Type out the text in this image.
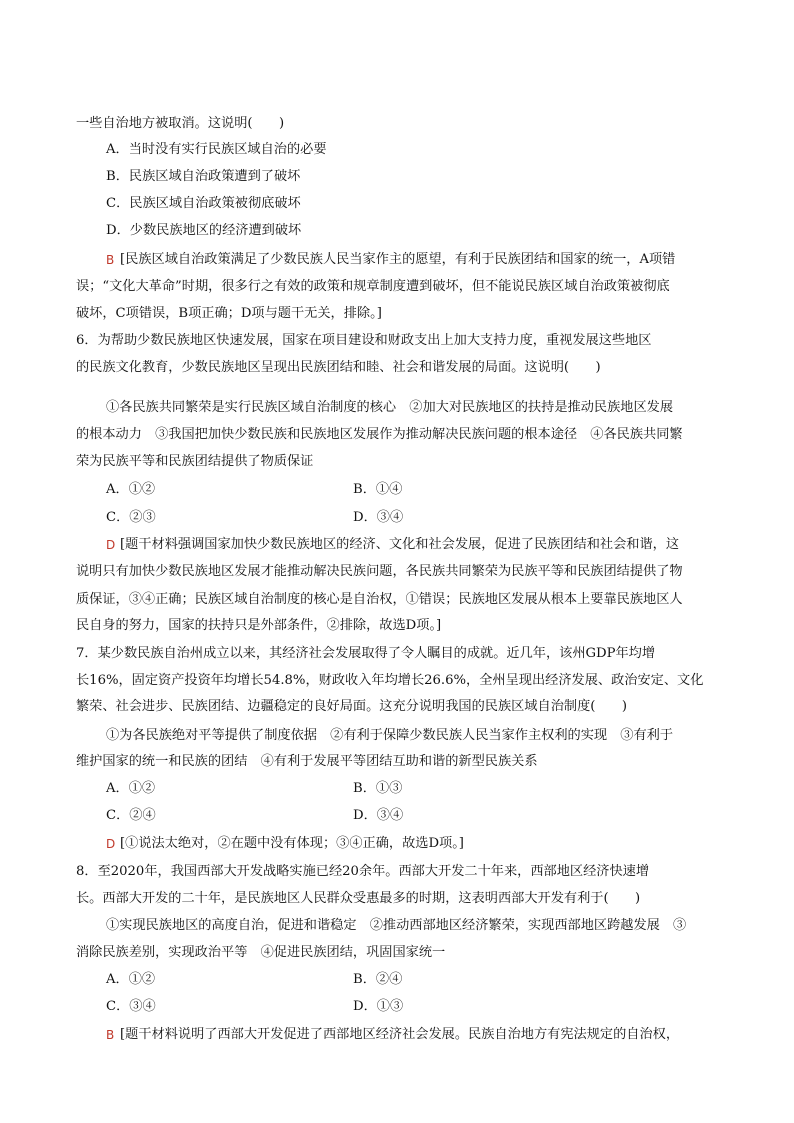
一些自治地方被取消。这说明(　　)
A．当时没有实行民族区域自治的必要
B．民族区域自治政策遭到了破坏
C．民族区域自治政策被彻底破坏
D．少数民族地区的经济遭到破坏
B [民族区域自治政策满足了少数民族人民当家作主的愿望，有利于民族团结和国家的统一，A项错
误；“文化大革命”时期，很多行之有效的政策和规章制度遭到破坏，但不能说民族区域自治政策被彻底
破坏，C项错误，B项正确；D项与题干无关，排除。]
6．为帮助少数民族地区快速发展，国家在项目建设和财政支出上加大支持力度，重视发展这些地区
的民族文化教育，少数民族地区呈现出民族团结和睦、社会和谐发展的局面。这说明(　　)
①各民族共同繁荣是实行民族区域自治制度的核心　②加大对民族地区的扶持是推动民族地区发展
的根本动力　③我国把加快少数民族和民族地区发展作为推动解决民族问题的根本途径　④各民族共同繁
荣为民族平等和民族团结提供了物质保证
A．①②	B．①④
C．②③	D．③④
D [题干材料强调国家加快少数民族地区的经济、文化和社会发展，促进了民族团结和社会和谐，这
说明只有加快少数民族地区发展才能推动解决民族问题，各民族共同繁荣为民族平等和民族团结提供了物
质保证，③④正确；民族区域自治制度的核心是自治权，①错误；民族地区发展从根本上要靠民族地区人
民自身的努力，国家的扶持只是外部条件，②排除，故选D项。]
7．某少数民族自治州成立以来，其经济社会发展取得了令人瞩目的成就。近几年，该州GDP年均增
长16%，固定资产投资年均增长54.8%，财政收入年均增长26.6%，全州呈现出经济发展、政治安定、文化
繁荣、社会进步、民族团结、边疆稳定的良好局面。这充分说明我国的民族区域自治制度(　　)
①为各民族绝对平等提供了制度依据　②有利于保障少数民族人民当家作主权利的实现　③有利于
维护国家的统一和民族的团结　④有利于发展平等团结互助和谐的新型民族关系
A．①②	B．①③
C．②④	D．③④
D [①说法太绝对，②在题中没有体现；③④正确，故选D项。]
8．至2020年，我国西部大开发战略实施已经20余年。西部大开发二十年来，西部地区经济快速增
长。西部大开发的二十年，是民族地区人民群众受惠最多的时期，这表明西部大开发有利于(　　)
①实现民族地区的高度自治，促进和谐稳定　②推动西部地区经济繁荣，实现西部地区跨越发展　③
消除民族差别，实现政治平等　④促进民族团结，巩固国家统一
A．①②	B．②④
C．③④	D．①③
B [题干材料说明了西部大开发促进了西部地区经济社会发展。民族自治地方有宪法规定的自治权，
